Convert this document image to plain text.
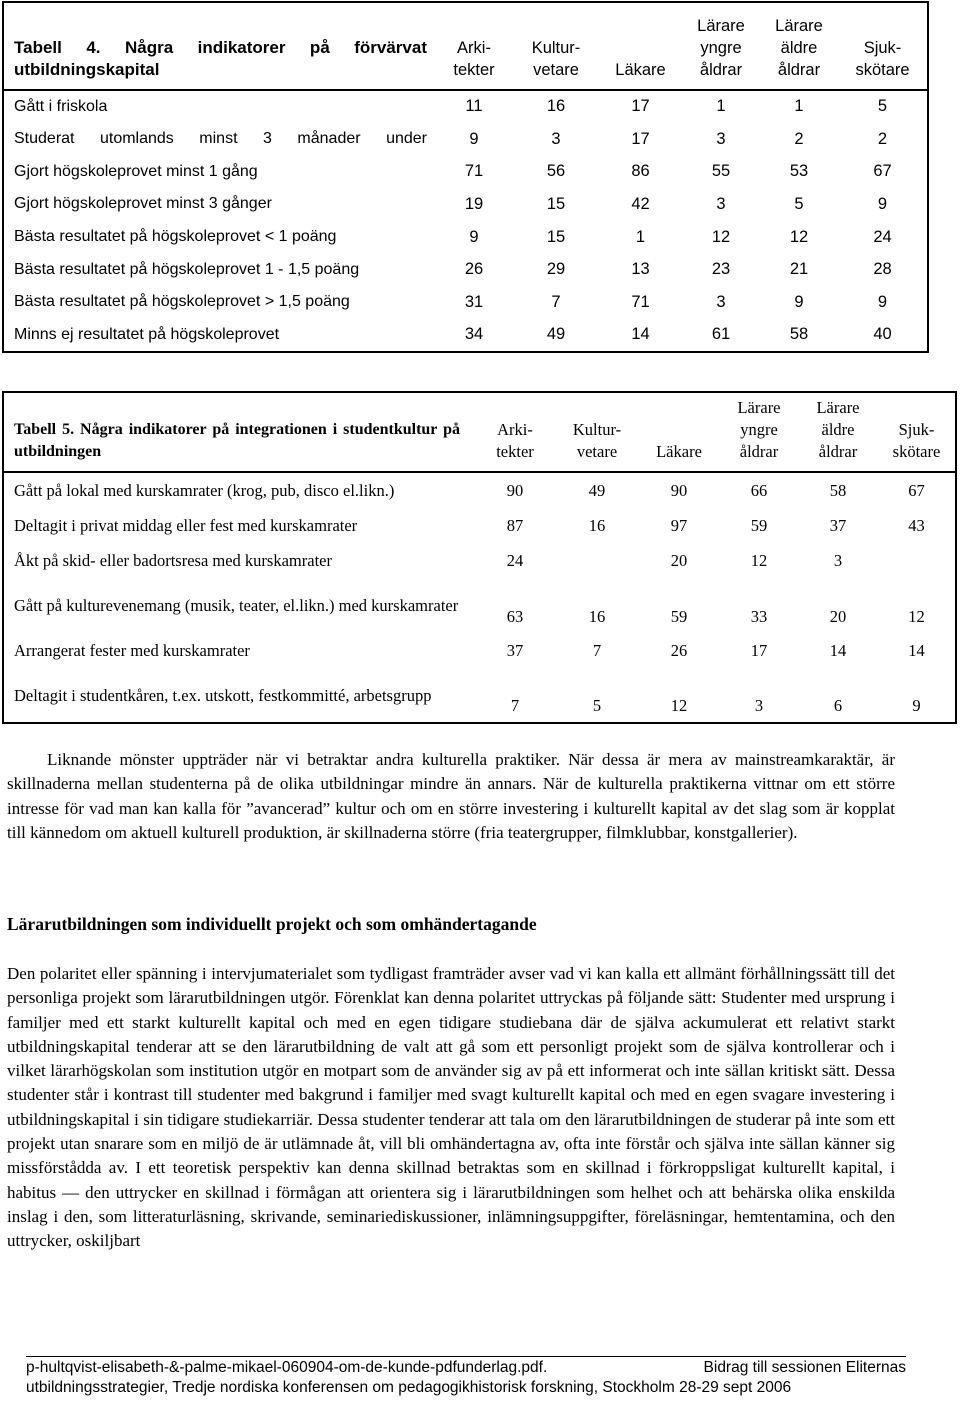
Tabell 4. Några indikatorer på förvärvat utbildningskapital	Arki-
tekter	Kultur-
vetare	Läkare	Lärare
yngre
åldrar	Lärare
äldre
åldrar	Sjuk-
skötare
Gått i friskola	11	16	17	1	1	5
Studerat utomlands minst 3 månader under	9	3	17	3	2	2
Gjort högskoleprovet minst 1 gång	71	56	86	55	53	67
Gjort högskoleprovet minst 3 gånger	19	15	42	3	5	9
Bästa resultatet på högskoleprovet < 1 poäng	9	15	1	12	12	24
Bästa resultatet på högskoleprovet 1 - 1,5 poäng	26	29	13	23	21	28
Bästa resultatet på högskoleprovet > 1,5 poäng	31	7	71	3	9	9
Minns ej resultatet på högskoleprovet	34	49	14	61	58	40
Tabell 5. Några indikatorer på integrationen i studentkultur på utbildningen	Arki-
tekter	Kultur-
vetare	Läkare	Lärare
yngre
åldrar	Lärare
äldre
åldrar	Sjuk-
skötare
Gått på lokal med kurskamrater (krog, pub, disco el.likn.)	90	49	90	66	58	67
Deltagit i privat middag eller fest med kurskamrater	87	16	97	59	37	43
Åkt på skid- eller badortsresa med kurskamrater	24		20	12	3	
Gått på kulturevenemang (musik, teater, el.likn.) med kurskamrater	63	16	59	33	20	12
Arrangerat fester med kurskamrater	37	7	26	17	14	14
Deltagit i studentkåren, t.ex. utskott, festkommitté, arbetsgrupp	7	5	12	3	6	9

Liknande mönster uppträder när vi betraktar andra kulturella praktiker. När dessa är mera av mainstreamkaraktär, är skillnaderna mellan studenterna på de olika utbildningar mindre än annars. När de kulturella praktikerna vittnar om ett större intresse för vad man kan kalla för ”avancerad” kultur och om en större investering i kulturellt kapital av det slag som är kopplat till kännedom om aktuell kulturell produktion, är skillnaderna större (fria teatergrupper, filmklubbar, konstgallerier).

Lärarutbildningen som individuellt projekt och som omhändertagande

Den polaritet eller spänning i intervjumaterialet som tydligast framträder avser vad vi kan kalla ett allmänt förhållningssätt till det personliga projekt som lärarutbildningen utgör. Förenklat kan denna polaritet uttryckas på följande sätt: Studenter med ursprung i familjer med ett starkt kulturellt kapital och med en egen tidigare studiebana där de själva ackumulerat ett relativt starkt utbildningskapital tenderar att se den lärarutbildning de valt att gå som ett personligt projekt som de själva kontrollerar och i vilket lärarhögskolan som institution utgör en motpart som de använder sig av på ett informerat och inte sällan kritiskt sätt. Dessa studenter står i kontrast till studenter med bakgrund i familjer med svagt kulturellt kapital och med en egen svagare investering i utbildningskapital i sin tidigare studiekarriär. Dessa studenter tenderar att tala om den lärarutbildningen de studerar på inte som ett projekt utan snarare som en miljö de är utlämnade åt, vill bli omhändertagna av, ofta inte förstår och själva inte sällan känner sig missförstådda av. I ett teoretisk perspektiv kan denna skillnad betraktas som en skillnad i förkroppsligat kulturellt kapital, i habitus — den uttrycker en skillnad i förmågan att orientera sig i lärarutbildningen som helhet och att behärska olika enskilda inslag i den, som litteraturläsning, skrivande, seminariediskussioner, inlämningsuppgifter, föreläsningar, hemtentamina, och den uttrycker, oskiljbart

p-hultqvist-elisabeth-&-palme-mikael-060904-om-de-kunde-pdfunderlag.pdf.	Bidrag till sessionen Eliternas
utbildningsstrategier, Tredje nordiska konferensen om pedagogikhistorisk forskning, Stockholm 28-29 sept 2006
